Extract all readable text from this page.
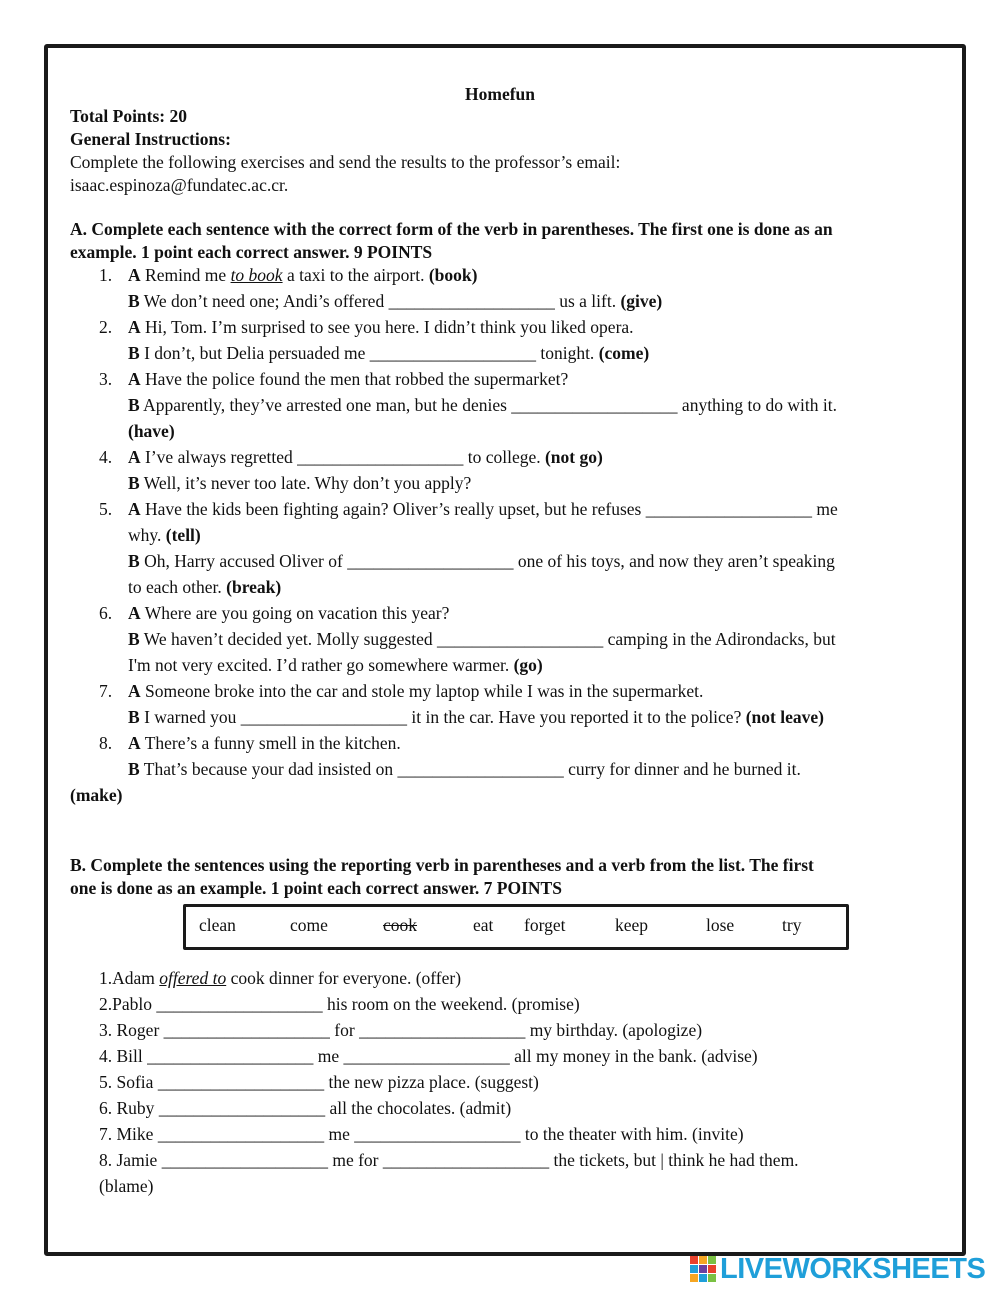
Homefun
Total Points: 20
General Instructions:
Complete the following exercises and send the results to the professor’s email:
isaac.espinoza@fundatec.ac.cr.
A. Complete each sentence with the correct form of the verb in parentheses. The first one is done as an
example. 1 point each correct answer. 9 POINTS
1. A Remind me to book a taxi to the airport. (book)
B We don’t need one; Andi’s offered ___________________ us a lift. (give)
2. A Hi, Tom. I’m surprised to see you here. I didn’t think you liked opera.
B I don’t, but Delia persuaded me ___________________ tonight. (come)
3. A Have the police found the men that robbed the supermarket?
B Apparently, they’ve arrested one man, but he denies ___________________ anything to do with it.
(have)
4. A I’ve always regretted ___________________ to college. (not go)
B Well, it’s never too late. Why don’t you apply?
5. A Have the kids been fighting again? Oliver’s really upset, but he refuses ___________________ me
why. (tell)
B Oh, Harry accused Oliver of ___________________ one of his toys, and now they aren’t speaking
to each other. (break)
6. A Where are you going on vacation this year?
B We haven’t decided yet. Molly suggested ___________________ camping in the Adirondacks, but
I'm not very excited. I’d rather go somewhere warmer. (go)
7. A Someone broke into the car and stole my laptop while I was in the supermarket.
B I warned you ___________________ it in the car. Have you reported it to the police? (not leave)
8. A There’s a funny smell in the kitchen.
B That’s because your dad insisted on ___________________ curry for dinner and he burned it.
(make)
B. Complete the sentences using the reporting verb in parentheses and a verb from the list. The first
one is done as an example. 1 point each correct answer. 7 POINTS
clean	come	cook	eat forget	keep	lose	try
1.Adam offered to cook dinner for everyone. (offer)
2.Pablo ___________________ his room on the weekend. (promise)
3. Roger ___________________ for ___________________ my birthday. (apologize)
4. Bill ___________________ me ___________________ all my money in the bank. (advise)
5. Sofia ___________________ the new pizza place. (suggest)
6. Ruby ___________________ all the chocolates. (admit)
7. Mike ___________________ me ___________________ to the theater with him. (invite)
8. Jamie ___________________ me for ___________________ the tickets, but | think he had them.
(blame)
LIVEWORKSHEETS
